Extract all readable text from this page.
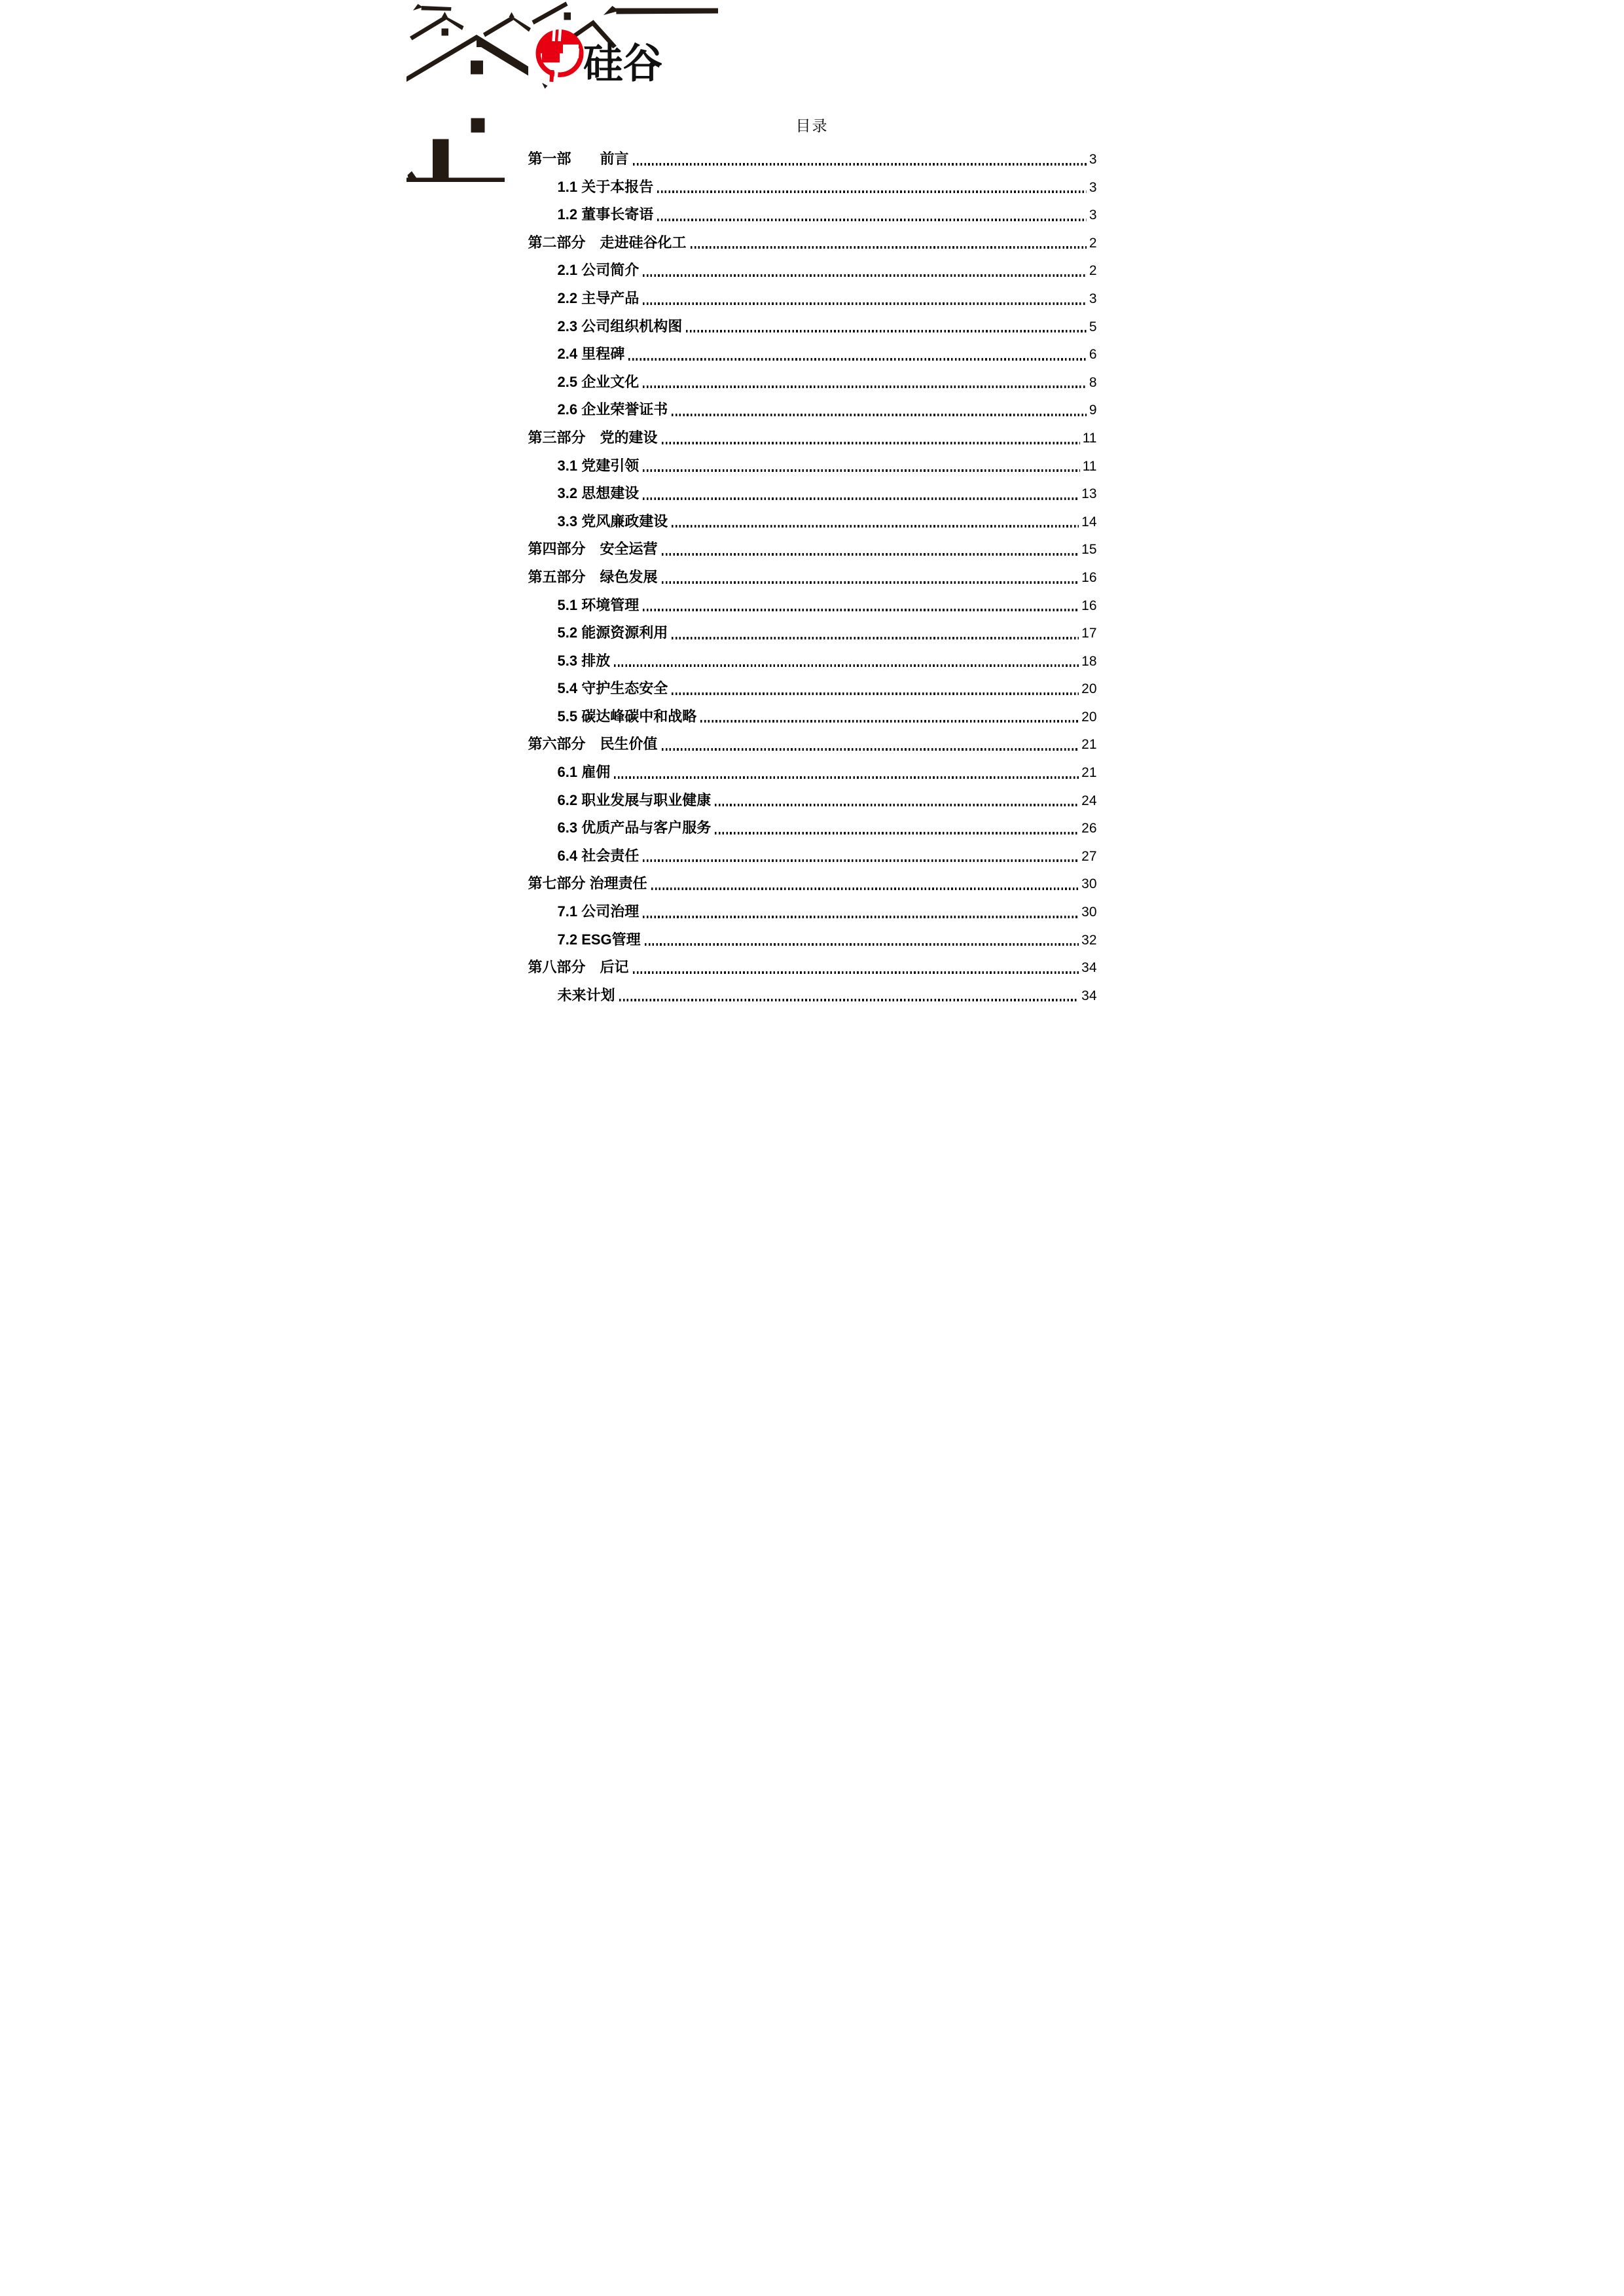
硅谷
目录
第一部　　前言	3
1.1 关于本报告	3
1.2 董事长寄语	3
第二部分　走进硅谷化工	2
2.1 公司简介	2
2.2 主导产品	3
2.3 公司组织机构图	5
2.4 里程碑	6
2.5 企业文化	8
2.6 企业荣誉证书	9
第三部分　党的建设	11
3.1 党建引领	11
3.2 思想建设	13
3.3 党风廉政建设	14
第四部分　安全运营	15
第五部分　绿色发展	16
5.1 环境管理	16
5.2 能源资源利用	17
5.3 排放	18
5.4 守护生态安全	20
5.5 碳达峰碳中和战略	20
第六部分　民生价值	21
6.1 雇佣	21
6.2 职业发展与职业健康	24
6.3 优质产品与客户服务	26
6.4 社会责任	27
第七部分 治理责任	30
7.1 公司治理	30
7.2 ESG管理	32
第八部分　后记	34
未来计划	34
